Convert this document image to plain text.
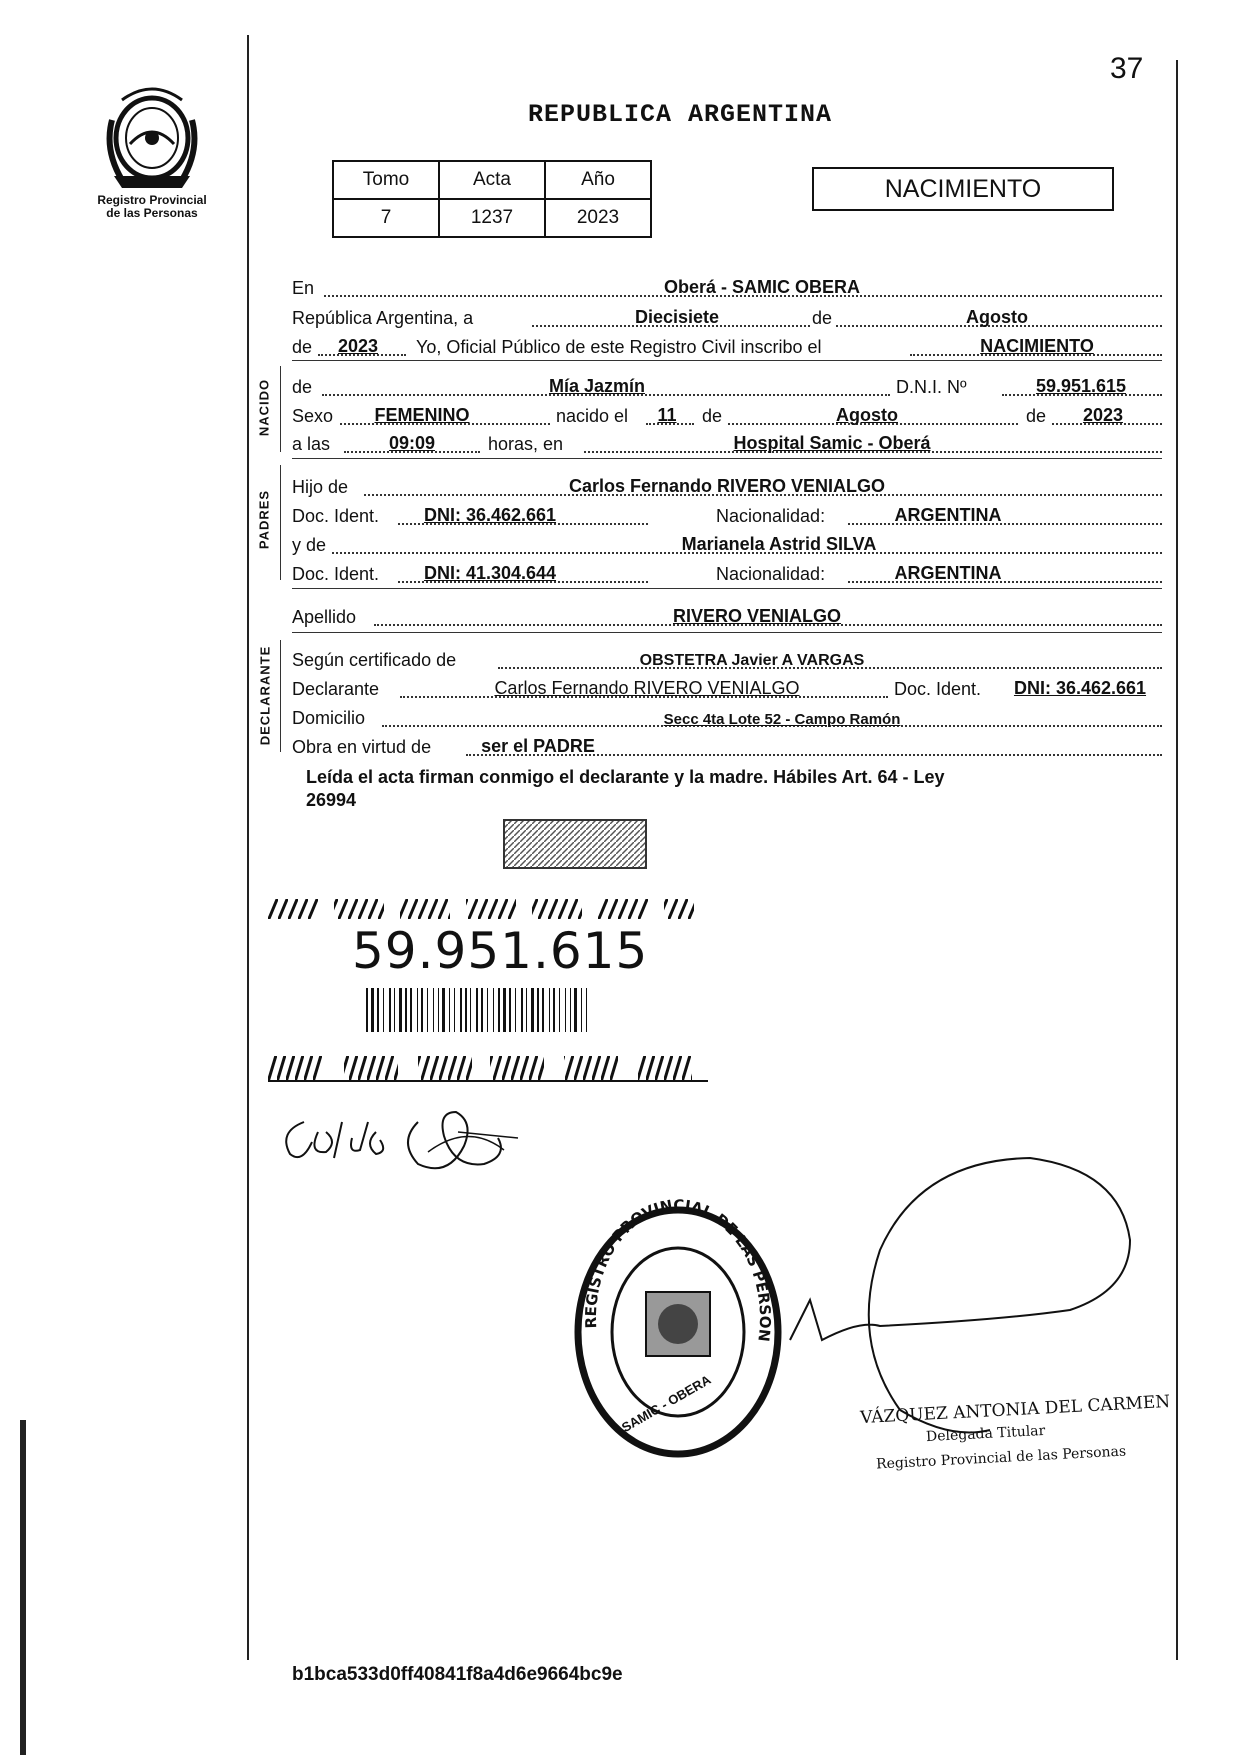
37
Registro Provincial
de las Personas
REPUBLICA ARGENTINA
Tomo	Acta	Año
7	1237	2023
NACIMIENTO
En	Oberá - SAMIC OBERA
República Argentina, a	Diecisiete	de	Agosto
de	2023	Yo, Oficial Público de este Registro Civil inscribo el	NACIMIENTO
de	Mía Jazmín	D.N.I. Nº	59.951.615
Sexo	FEMENINO	nacido el	11	de	Agosto	de	2023
a las	09:09	horas, en	Hospital Samic - Oberá
Hijo de	Carlos Fernando RIVERO VENIALGO
Doc. Ident.	DNI: 36.462.661	Nacionalidad:	ARGENTINA
y de	Marianela Astrid SILVA
Doc. Ident.	DNI: 41.304.644	Nacionalidad:	ARGENTINA
Apellido	RIVERO VENIALGO
Según certificado de	OBSTETRA Javier A VARGAS
Declarante	Carlos Fernando RIVERO VENIALGO	Doc. Ident.	DNI: 36.462.661
Domicilio	Secc 4ta Lote 52 - Campo Ramón
Obra en virtud de	ser el PADRE
NACIDO
PADRES
DECLARANTE
Leída el acta firman conmigo el declarante y la madre. Hábiles Art. 64 - Ley
26994
59.951.615
REGISTRO PROVINCIAL DE LAS PERSON
SAMIC - OBERA	VÁZQUEZ ANTONIA DEL CARMEN
Delegada Titular
Registro Provincial de las Personas
b1bca533d0ff40841f8a4d6e9664bc9e
